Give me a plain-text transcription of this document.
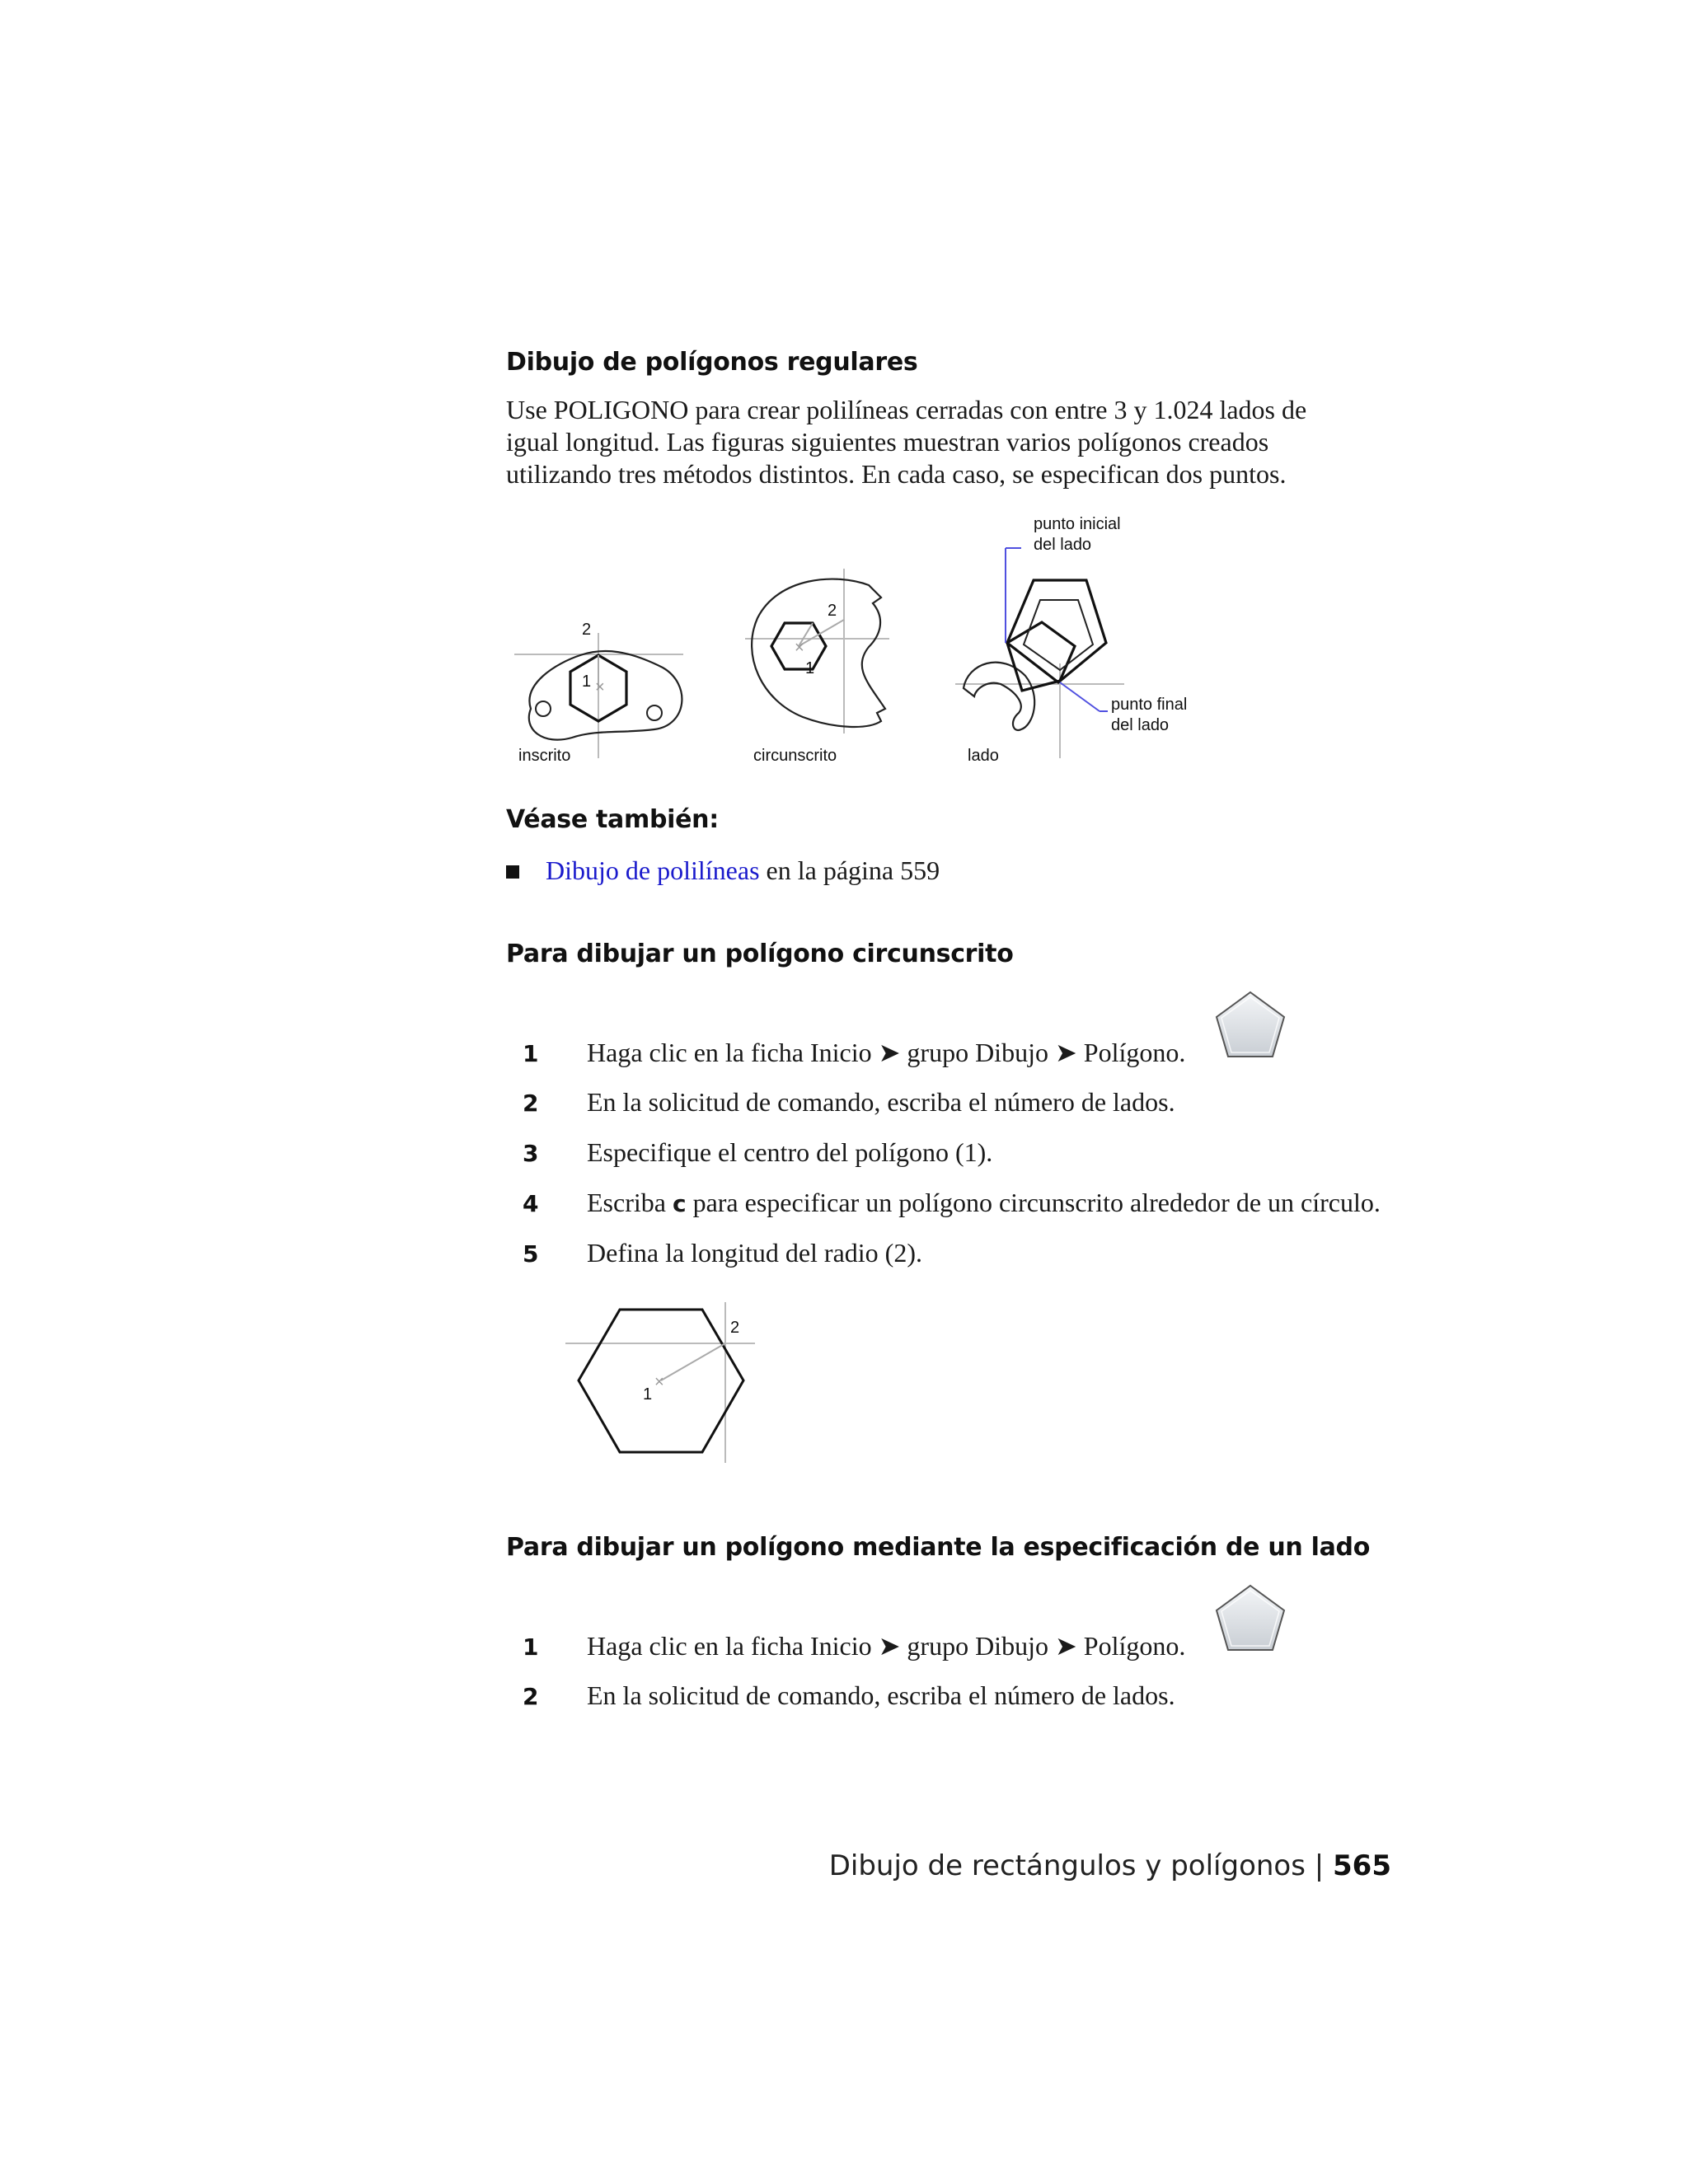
Dibujo de polígonos regulares
Use POLIGONO para crear polilíneas cerradas con entre 3 y 1.024 lados de
igual longitud. Las figuras siguientes muestran varios polígonos creados
utilizando tres métodos distintos. En cada caso, se especifican dos puntos.
×
1
2
inscrito
×
1
2
circunscrito
punto inicial
del lado
punto final
del lado
lado
Véase también:
Dibujo de polilíneas en la página 559
Para dibujar un polígono circunscrito
1	Haga clic en la ficha Inicio ➤ grupo Dibujo ➤ Polígono.
2	En la solicitud de comando, escriba el número de lados.
3	Especifique el centro del polígono (1).
4	Escriba c para especificar un polígono circunscrito alrededor de un círculo.
5	Defina la longitud del radio (2).
×
1
2
Para dibujar un polígono mediante la especificación de un lado
1	Haga clic en la ficha Inicio ➤ grupo Dibujo ➤ Polígono.
2	En la solicitud de comando, escriba el número de lados.
Dibujo de rectángulos y polígonos | 565
